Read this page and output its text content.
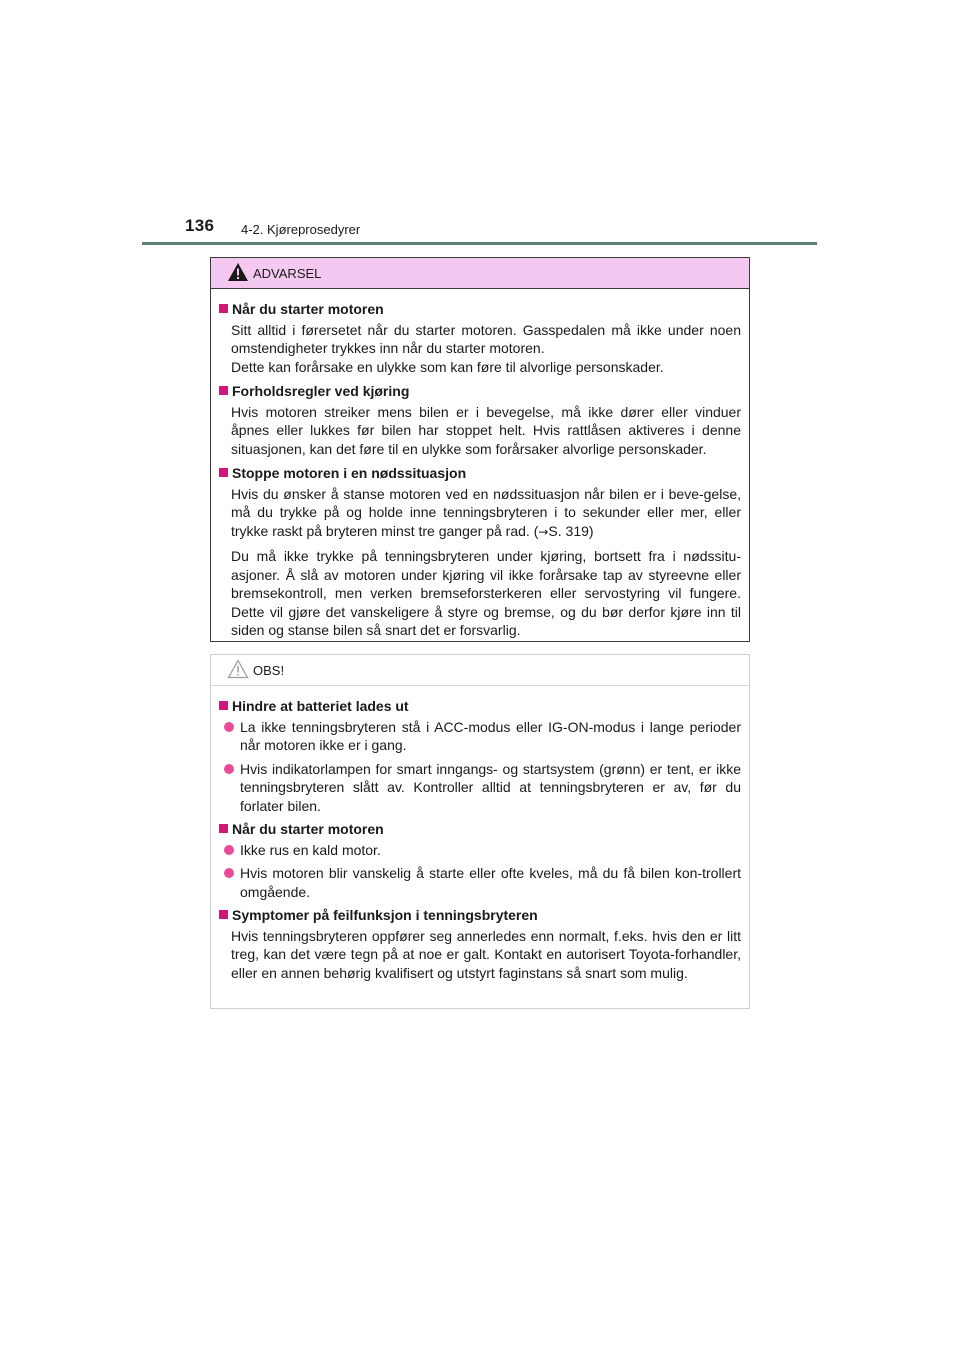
136 4-2. Kjøreprosedyrer
ADVARSEL
Når du starter motoren
Sitt alltid i førersetet når du starter motoren. Gasspedalen må ikke under noen omstendigheter trykkes inn når du starter motoren.
Dette kan forårsake en ulykke som kan føre til alvorlige personskader.
Forholdsregler ved kjøring
Hvis motoren streiker mens bilen er i bevegelse, må ikke dører eller vinduer åpnes eller lukkes før bilen har stoppet helt. Hvis rattlåsen aktiveres i denne situasjonen, kan det føre til en ulykke som forårsaker alvorlige personskader.
Stoppe motoren i en nødssituasjon
Hvis du ønsker å stanse motoren ved en nødssituasjon når bilen er i beve-gelse, må du trykke på og holde inne tenningsbryteren i to sekunder eller mer, eller trykke raskt på bryteren minst tre ganger på rad. (→S. 319)
Du må ikke trykke på tenningsbryteren under kjøring, bortsett fra i nødssitu-asjoner. Å slå av motoren under kjøring vil ikke forårsake tap av styreevne eller bremsekontroll, men verken bremseforsterkeren eller servostyring vil fungere. Dette vil gjøre det vanskeligere å styre og bremse, og du bør derfor kjøre inn til siden og stanse bilen så snart det er forsvarlig.
OBS!
Hindre at batteriet lades ut
La ikke tenningsbryteren stå i ACC-modus eller IG-ON-modus i lange perioder når motoren ikke er i gang.
Hvis indikatorlampen for smart inngangs- og startsystem (grønn) er tent, er ikke tenningsbryteren slått av. Kontroller alltid at tenningsbryteren er av, før du forlater bilen.
Når du starter motoren
Ikke rus en kald motor.
Hvis motoren blir vanskelig å starte eller ofte kveles, må du få bilen kon-trollert omgående.
Symptomer på feilfunksjon i tenningsbryteren
Hvis tenningsbryteren oppfører seg annerledes enn normalt, f.eks. hvis den er litt treg, kan det være tegn på at noe er galt. Kontakt en autorisert Toyota-forhandler, eller en annen behørig kvalifisert og utstyrt faginstans så snart som mulig.
